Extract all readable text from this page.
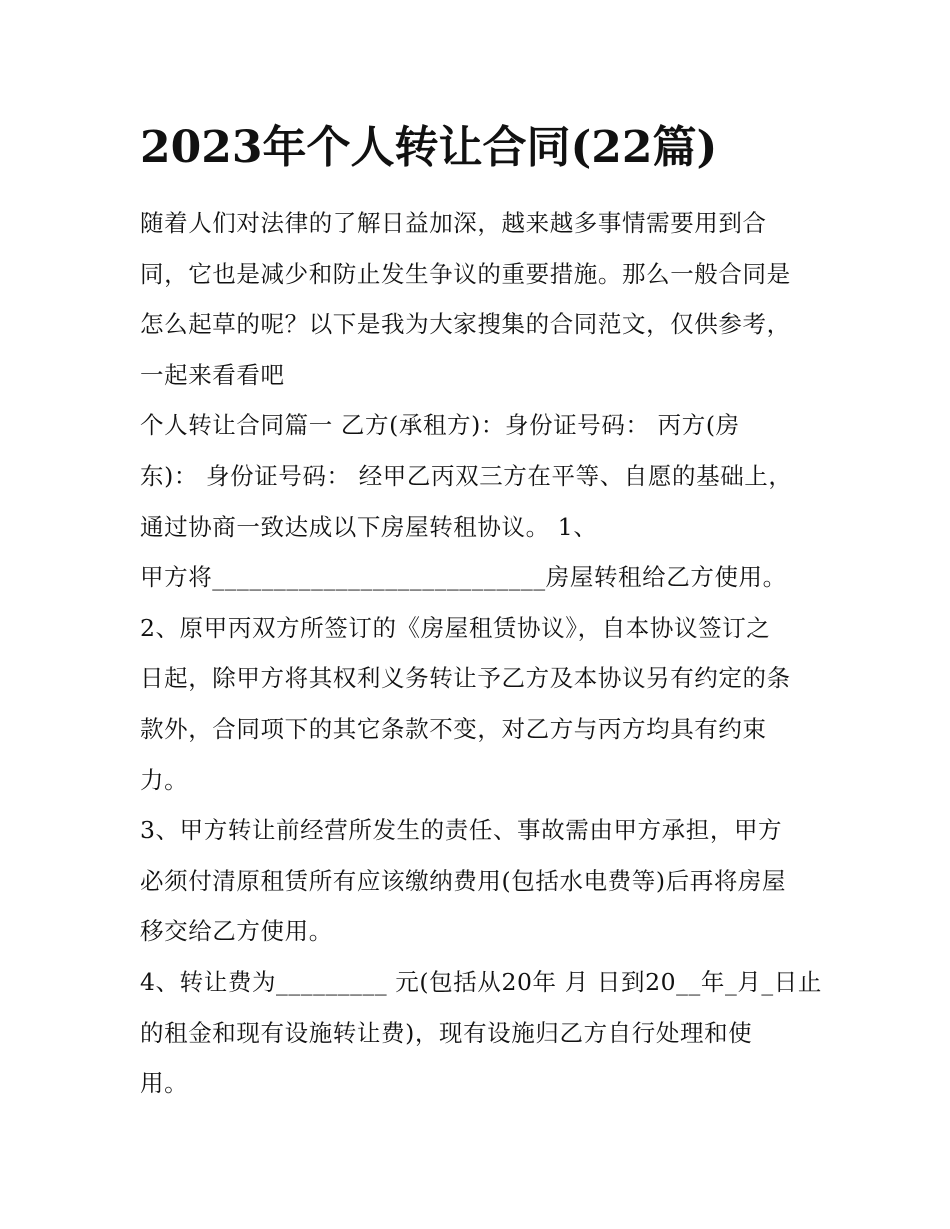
2023年个人转让合同(22篇)

随着人们对法律的了解日益加深，越来越多事情需要用到合
同，它也是减少和防止发生争议的重要措施。那么一般合同是
怎么起草的呢？以下是我为大家搜集的合同范文，仅供参考，
一起来看看吧

个人转让合同篇一 乙方(承租方)：身份证号码： 丙方(房
东)： 身份证号码： 经甲乙丙双三方在平等、自愿的基础上，
通过协商一致达成以下房屋转租协议。 1、
甲方将___________________________房屋转租给乙方使用。

2、原甲丙双方所签订的《房屋租赁协议》，自本协议签订之
日起，除甲方将其权利义务转让予乙方及本协议另有约定的条
款外，合同项下的其它条款不变，对乙方与丙方均具有约束
力。

3、甲方转让前经营所发生的责任、事故需由甲方承担，甲方
必须付清原租赁所有应该缴纳费用(包括水电费等)后再将房屋
移交给乙方使用。

4、转让费为_________ 元(包括从20年 月 日到20__年_月_日止
的租金和现有设施转让费)，现有设施归乙方自行处理和使
用。
